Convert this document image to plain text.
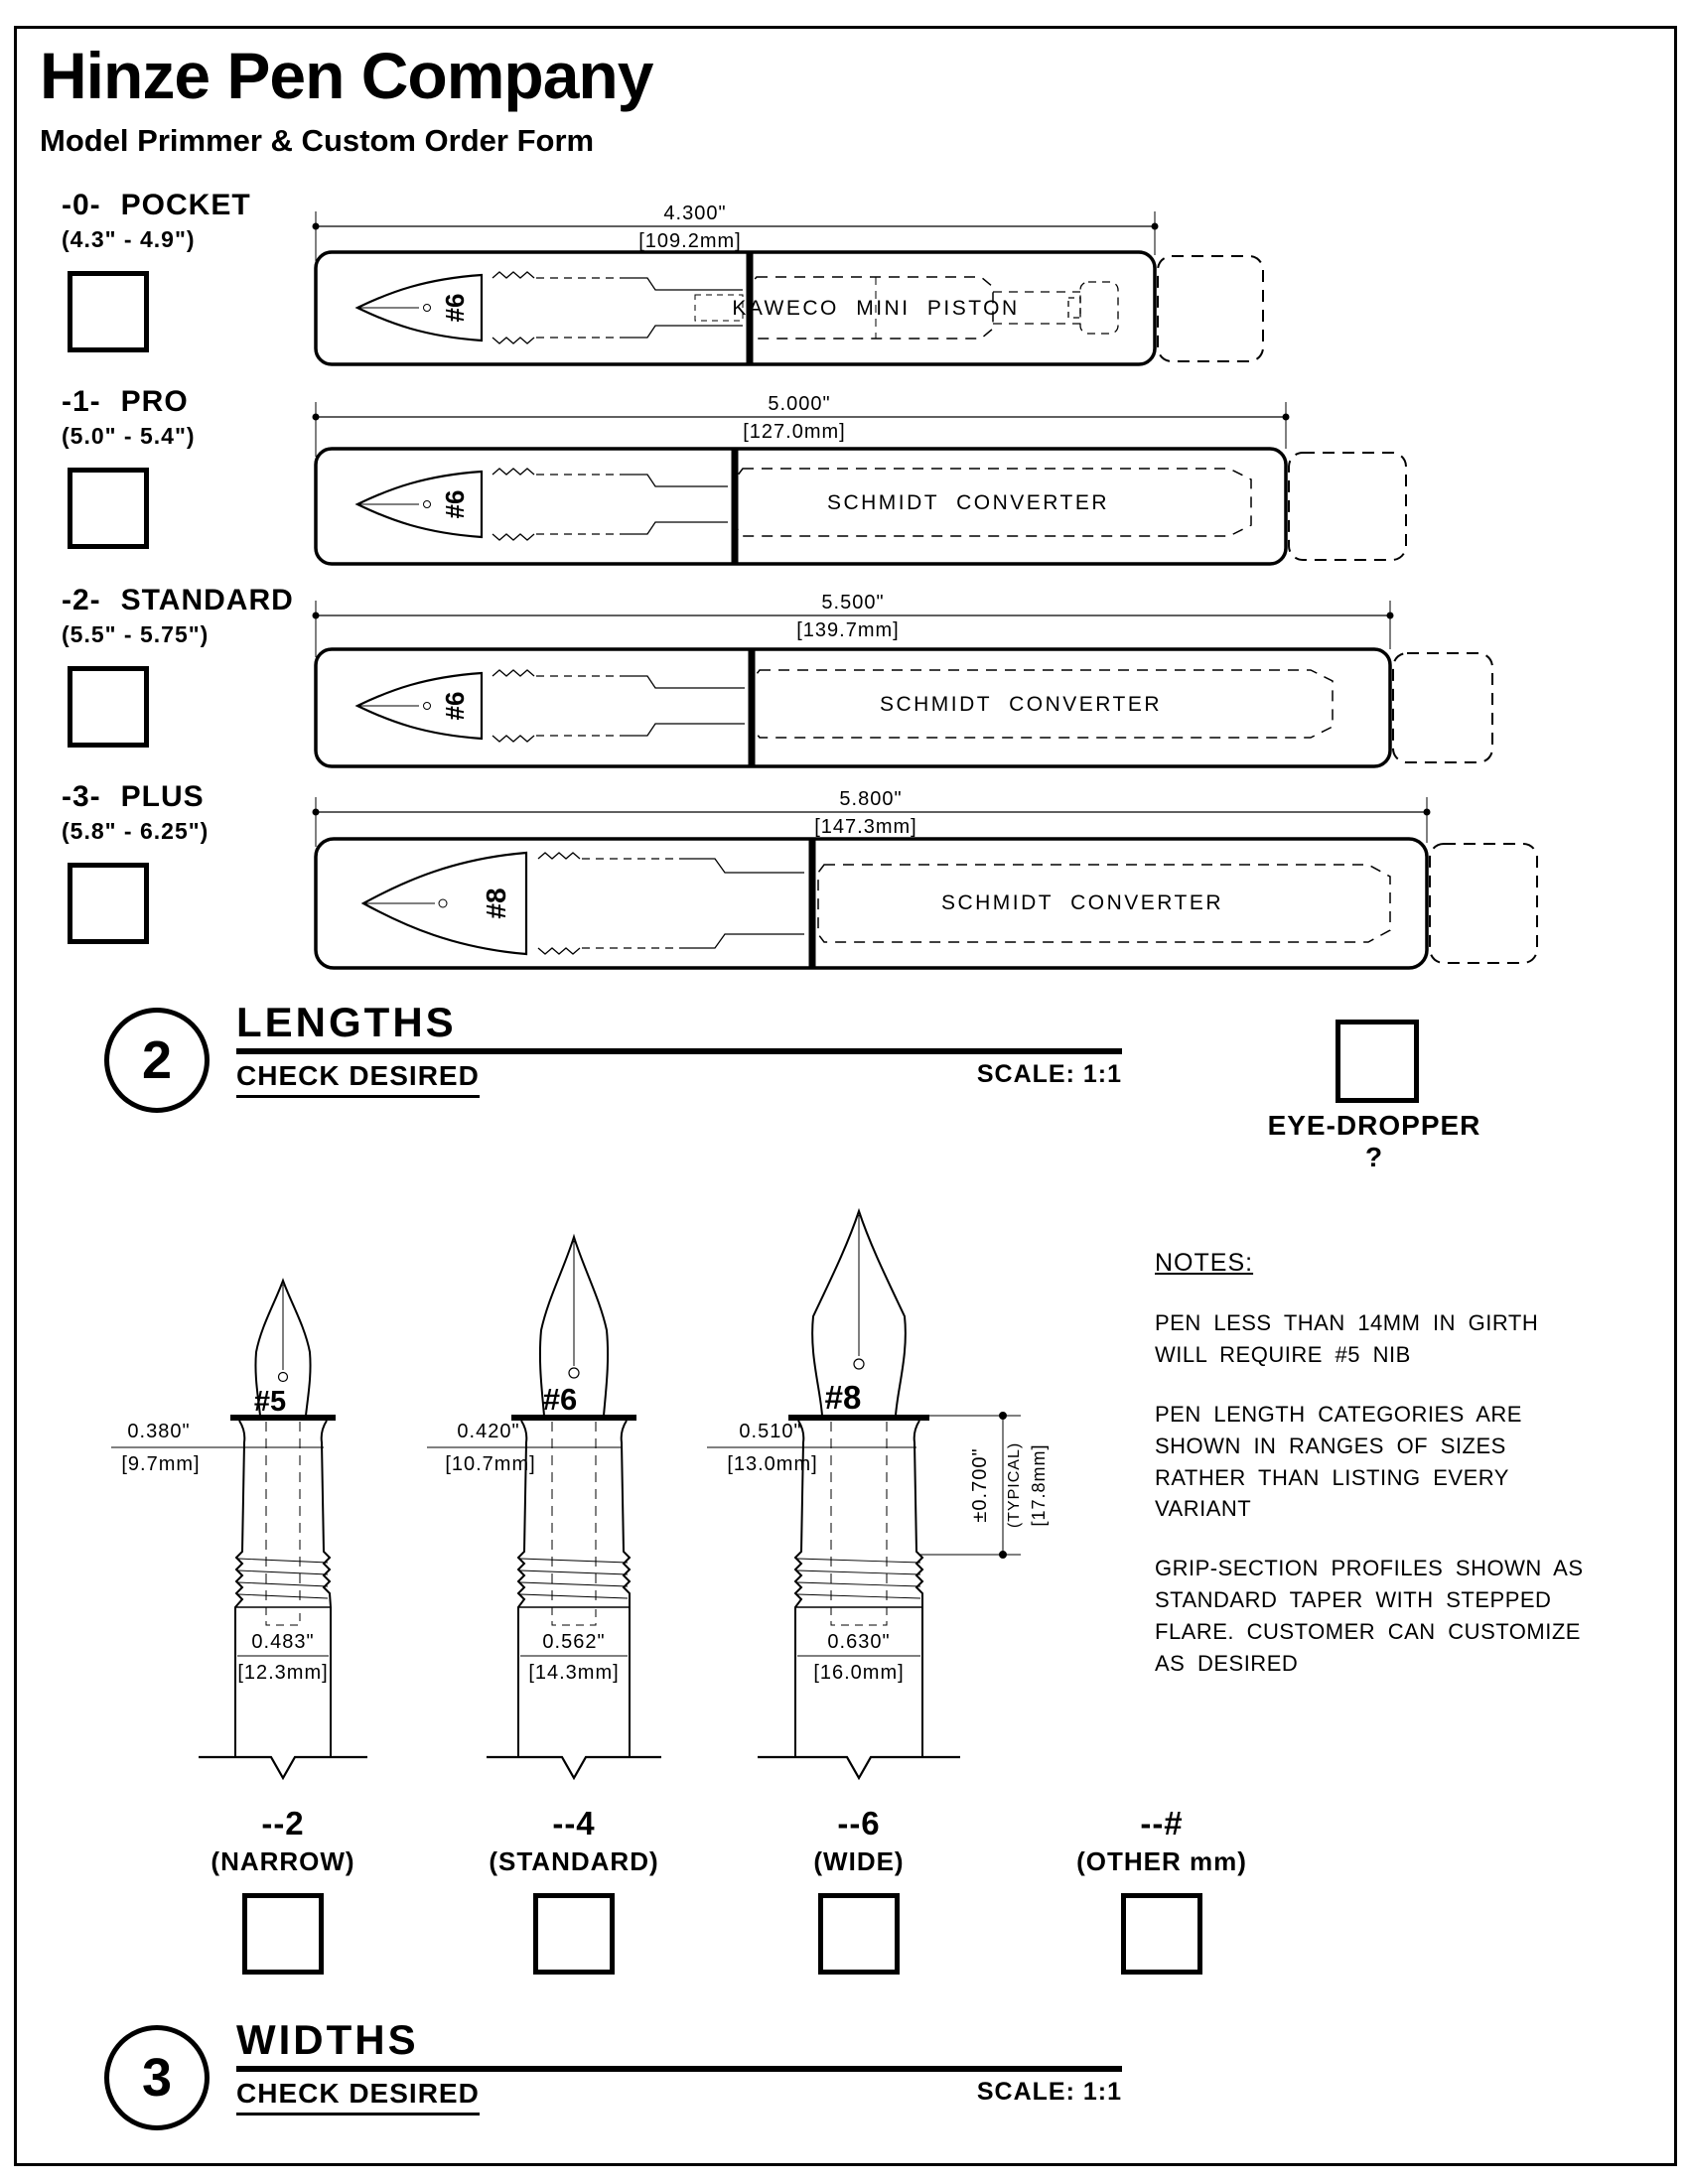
Hinze Pen Company
Model Primmer & Custom Order Form
-0- POCKET
(4.3" - 4.9")
-1- PRO
(5.0" - 5.4")
-2- STANDARD
(5.5" - 5.75")
-3- PLUS
(5.8" - 6.25")
4.300"
[109.2mm]
#6	KAWECO MINI PISTON
5.000"
[127.0mm]
#6	SCHMIDT CONVERTER
5.500"
[139.7mm]
#6	SCHMIDT CONVERTER
5.800"
[147.3mm]
#8	SCHMIDT CONVERTER
2
LENGTHS
CHECK DESIRED	SCALE: 1:1
EYE-DROPPER ?
#5
0.380"
[9.7mm]
0.483"
[12.3mm]
#6
0.420"
[10.7mm]
0.562"
[14.3mm]
#8
0.510"
[13.0mm]
0.630"
[16.0mm]
±0.700" (TYPICAL) [17.8mm]
--2
(NARROW)
--4
(STANDARD)
--6
(WIDE)
--#
(OTHER mm)
NOTES:

PEN LESS THAN 14MM IN GIRTH WILL REQUIRE #5 NIB

PEN LENGTH CATEGORIES ARE SHOWN IN RANGES OF SIZES RATHER THAN LISTING EVERY VARIANT

GRIP-SECTION PROFILES SHOWN AS STANDARD TAPER WITH STEPPED FLARE. CUSTOMER CAN CUSTOMIZE AS DESIRED

3
WIDTHS
CHECK DESIRED	SCALE: 1:1
